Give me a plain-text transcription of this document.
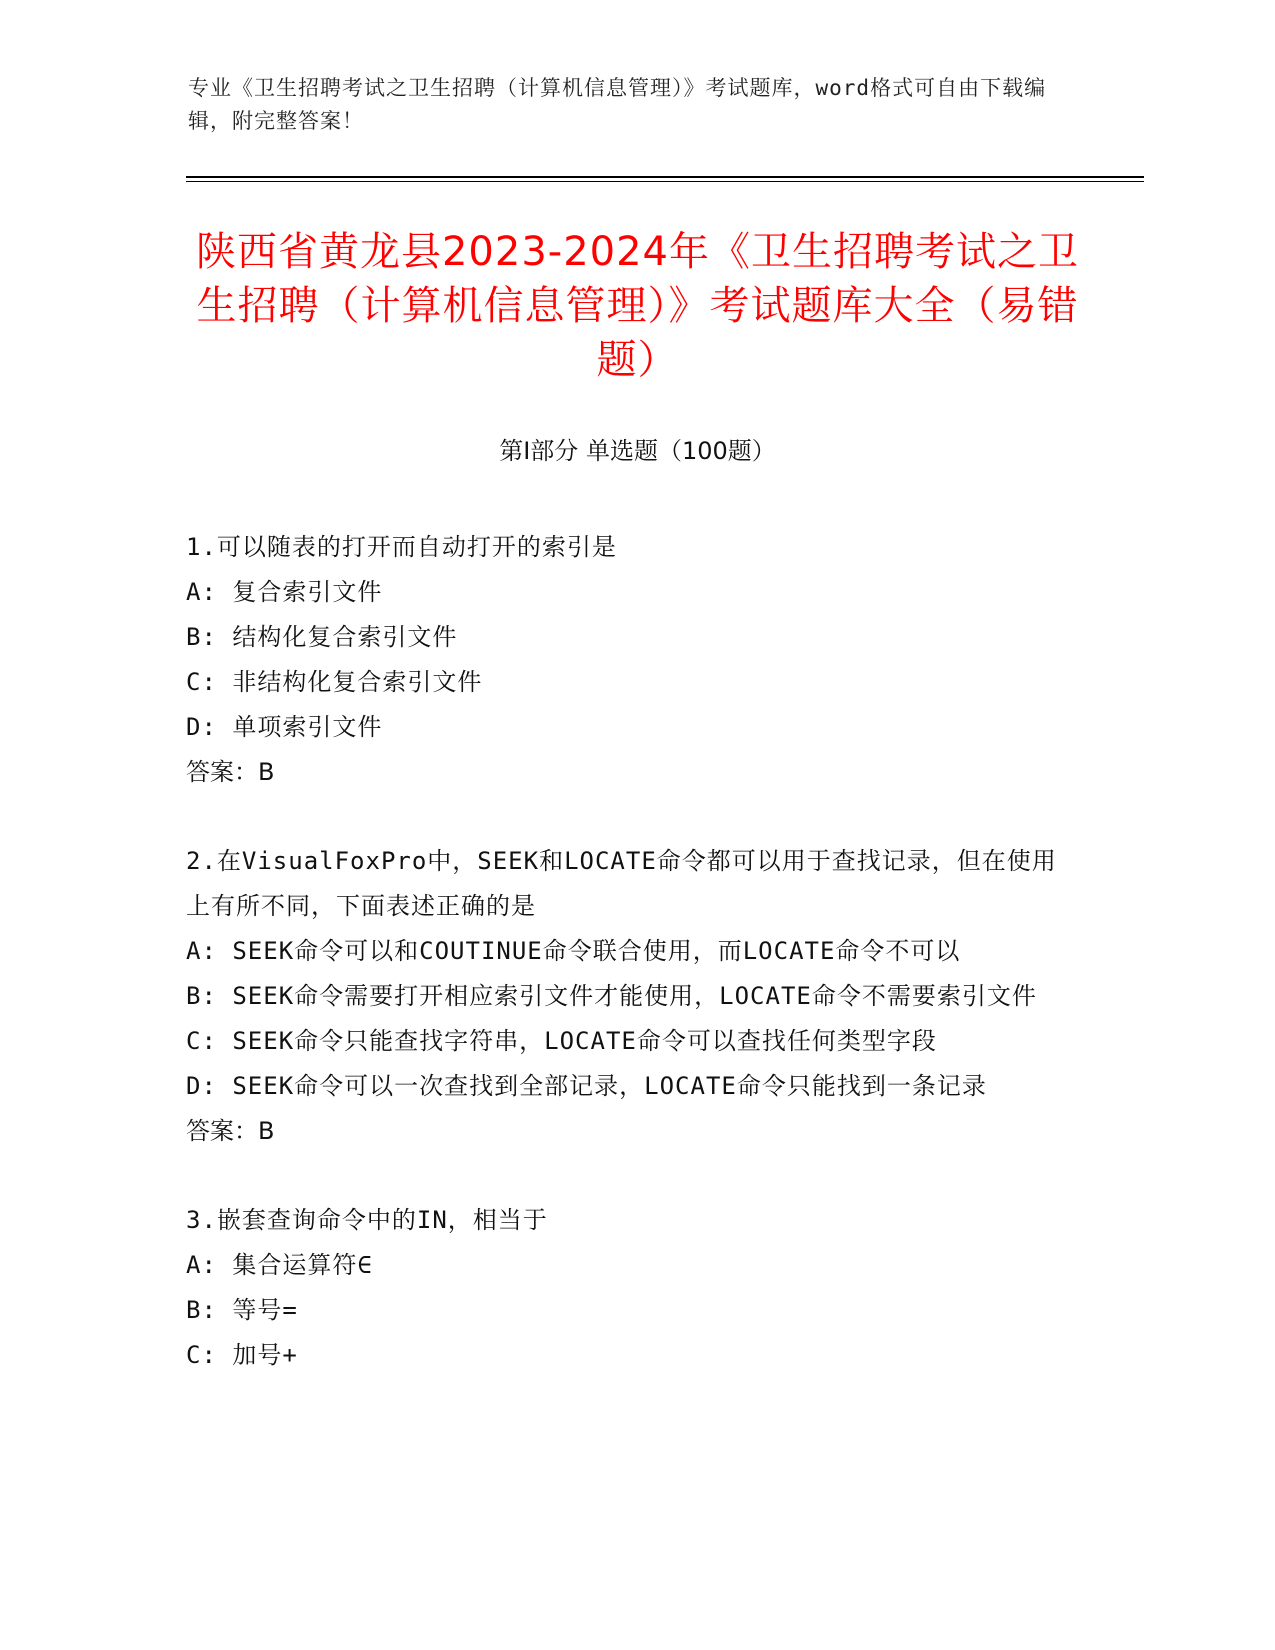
专业《卫生招聘考试之卫生招聘（计算机信息管理）》考试题库，word格式可自由下载编辑，附完整答案！
陕西省黄龙县2023-2024年《卫生招聘考试之卫生招聘（计算机信息管理）》考试题库大全（易错题）
第I部分 单选题（100题）

1.可以随表的打开而自动打开的索引是

A: 复合索引文件

B: 结构化复合索引文件

C: 非结构化复合索引文件

D: 单项索引文件

答案：B

2.在VisualFoxPro中，SEEK和LOCATE命令都可以用于查找记录，但在使用上有所不同，下面表述正确的是

A: SEEK命令可以和COUTINUE命令联合使用，而LOCATE命令不可以

B: SEEK命令需要打开相应索引文件才能使用，LOCATE命令不需要索引文件

C: SEEK命令只能查找字符串，LOCATE命令可以查找任何类型字段

D: SEEK命令可以一次查找到全部记录，LOCATE命令只能找到一条记录

答案：B

3.嵌套查询命令中的IN，相当于

A: 集合运算符∈

B: 等号=

C: 加号+
